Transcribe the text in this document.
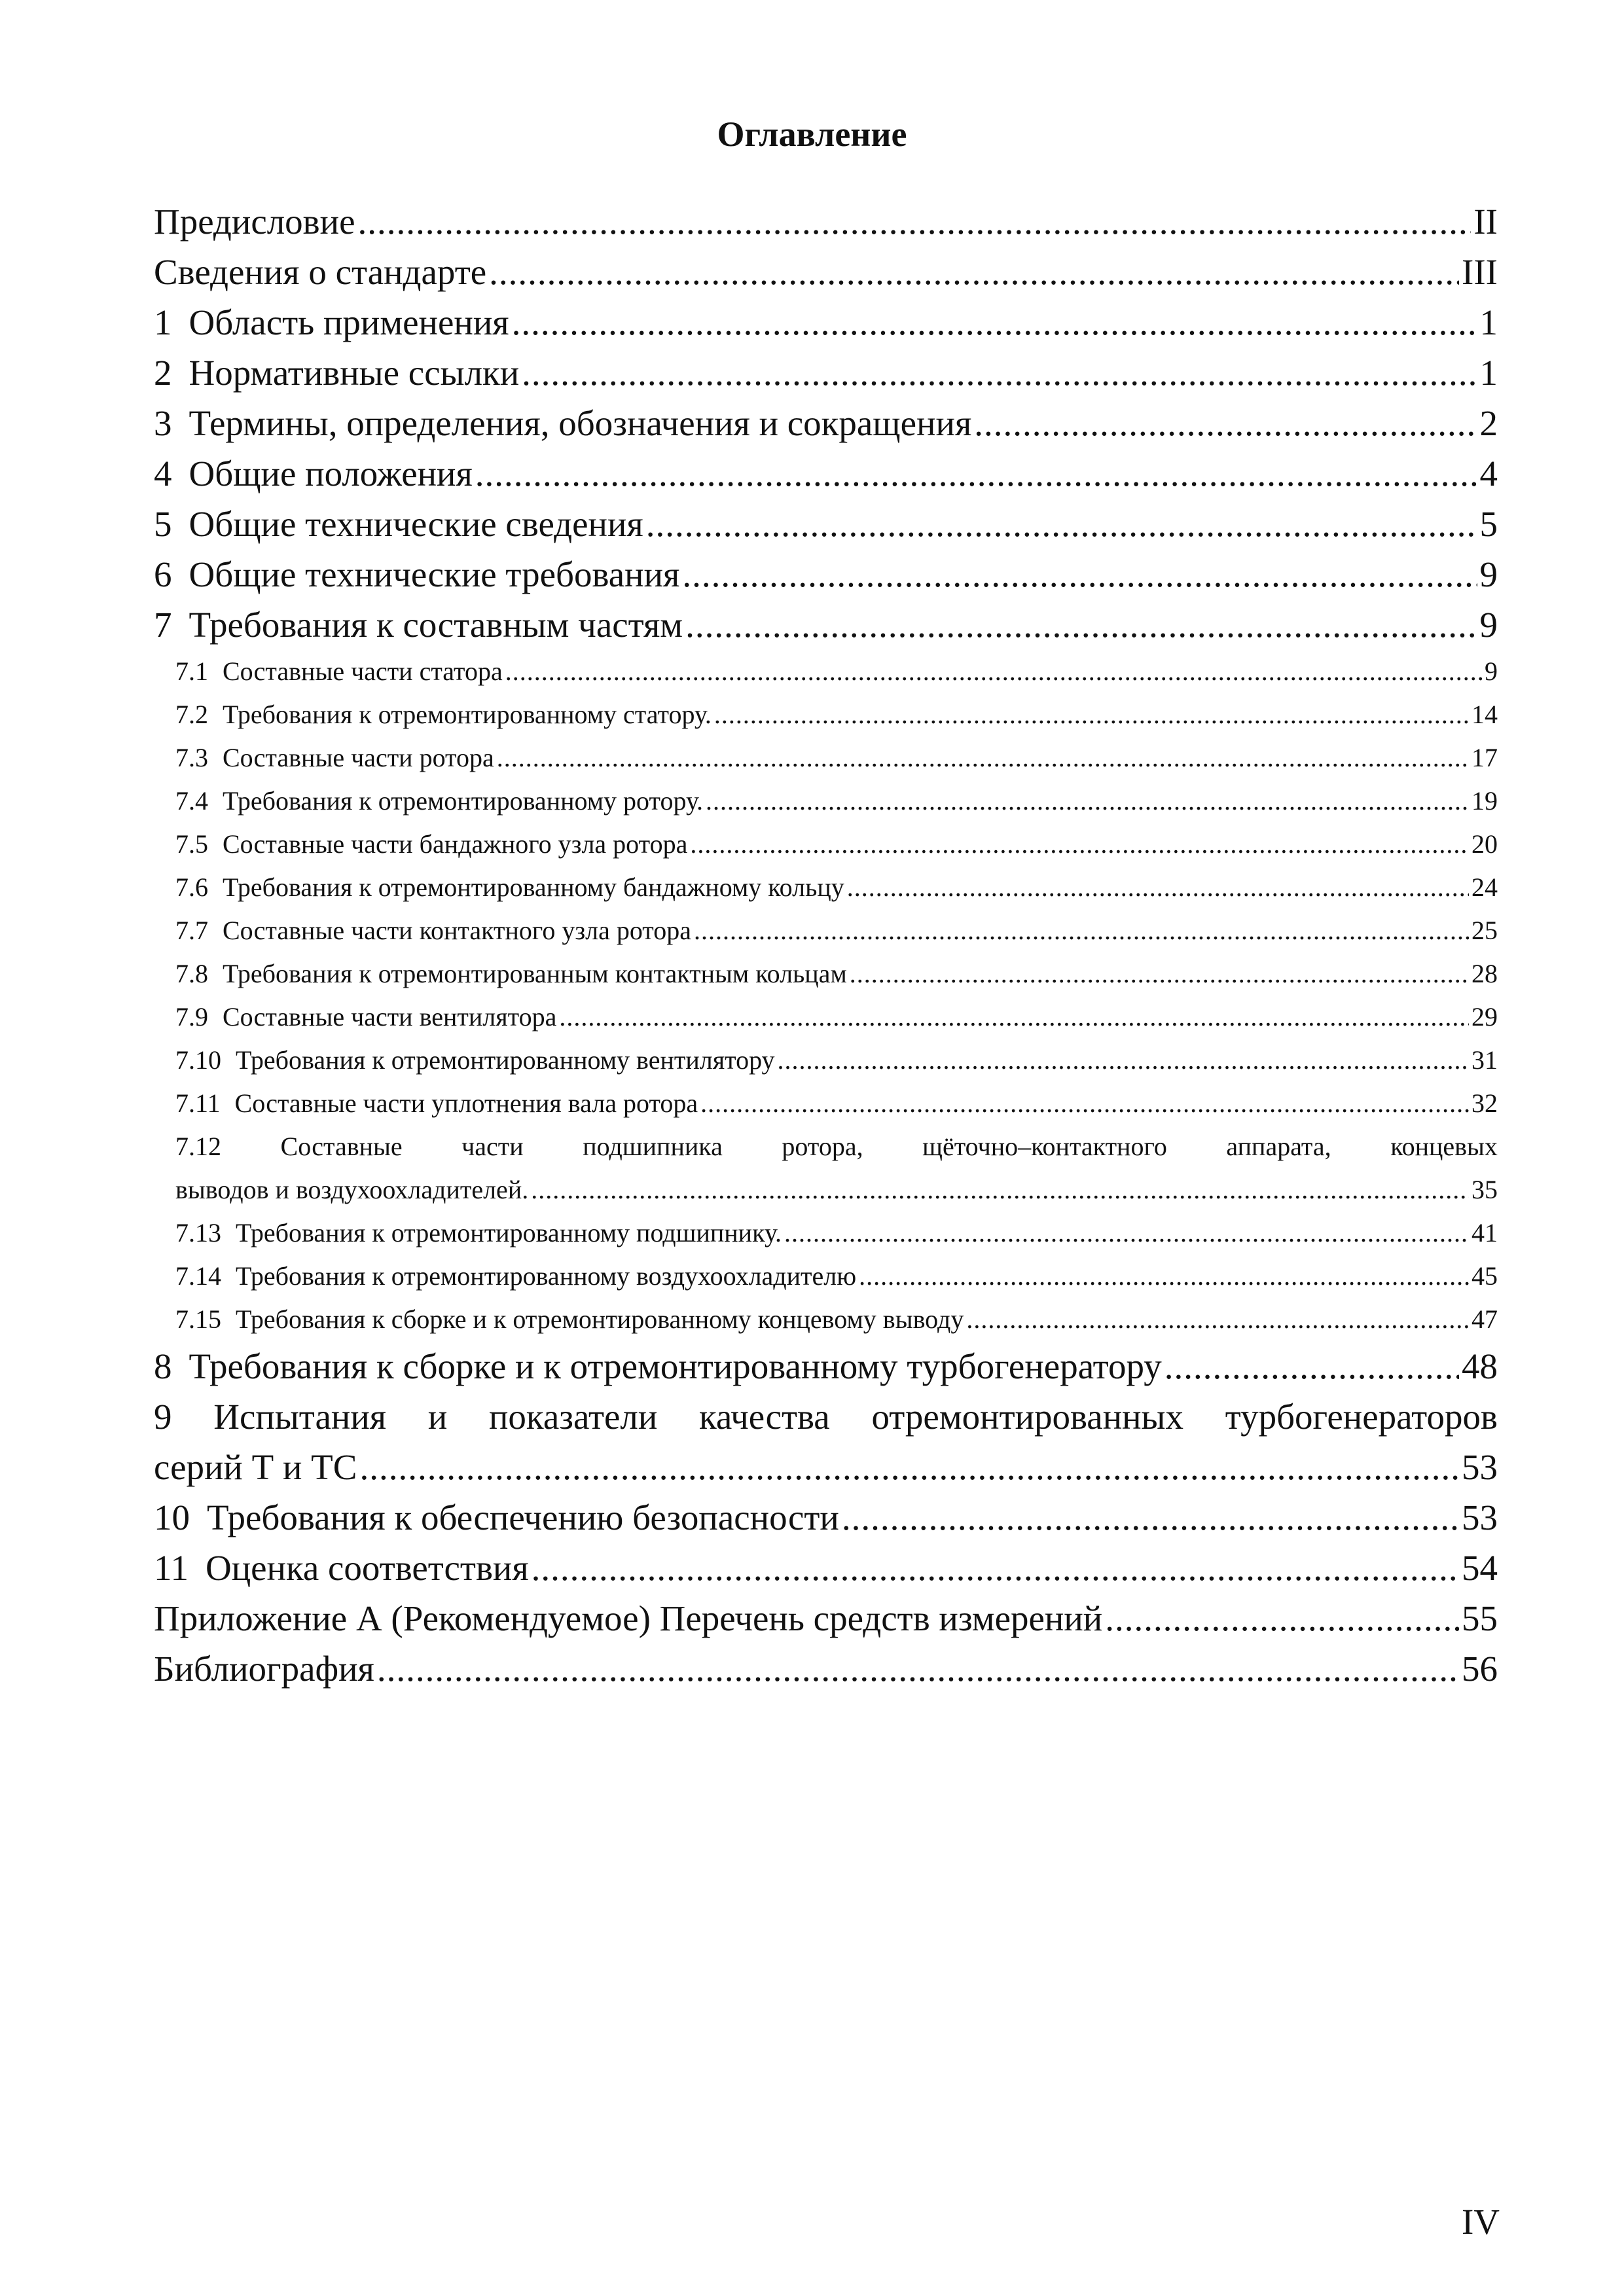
Оглавление
Предисловие .....	II
Сведения о стандарте .....	III
1 Область применения .....	1
2 Нормативные ссылки .....	1
3 Термины, определения, обозначения и сокращения .....	2
4 Общие положения .....	4
5 Общие технические сведения .....	5
6 Общие технические требования .....	9
7 Требования к составным частям .....	9
7.1 Составные части статора .....	9
7.2 Требования к отремонтированному статору. .....	14
7.3 Составные части ротора .....	17
7.4 Требования к отремонтированному ротору. .....	19
7.5 Составные части бандажного узла ротора .....	20
7.6 Требования к отремонтированному бандажному кольцу .....	24
7.7 Составные части контактного узла ротора .....	25
7.8 Требования к отремонтированным контактным кольцам .....	28
7.9 Составные части вентилятора .....	29
7.10 Требования к отремонтированному вентилятору .....	31
7.11 Составные части уплотнения вала ротора .....	32
7.12 Составные части подшипника ротора, щёточно–контактного аппарата, концевых
выводов и воздухоохладителей. .....	35
7.13 Требования к отремонтированному подшипнику. .....	41
7.14 Требования к отремонтированному воздухоохладителю .....	45
7.15 Требования к сборке и к отремонтированному концевому выводу .....	47
8 Требования к сборке и к отремонтированному турбогенератору .....	48
9 Испытания и показатели качества отремонтированных турбогенераторов
серий Т и ТС .....	53
10 Требования к обеспечению безопасности .....	53
11 Оценка соответствия .....	54
Приложение А (Рекомендуемое) Перечень средств измерений .....	55
Библиография .....	56
IV
